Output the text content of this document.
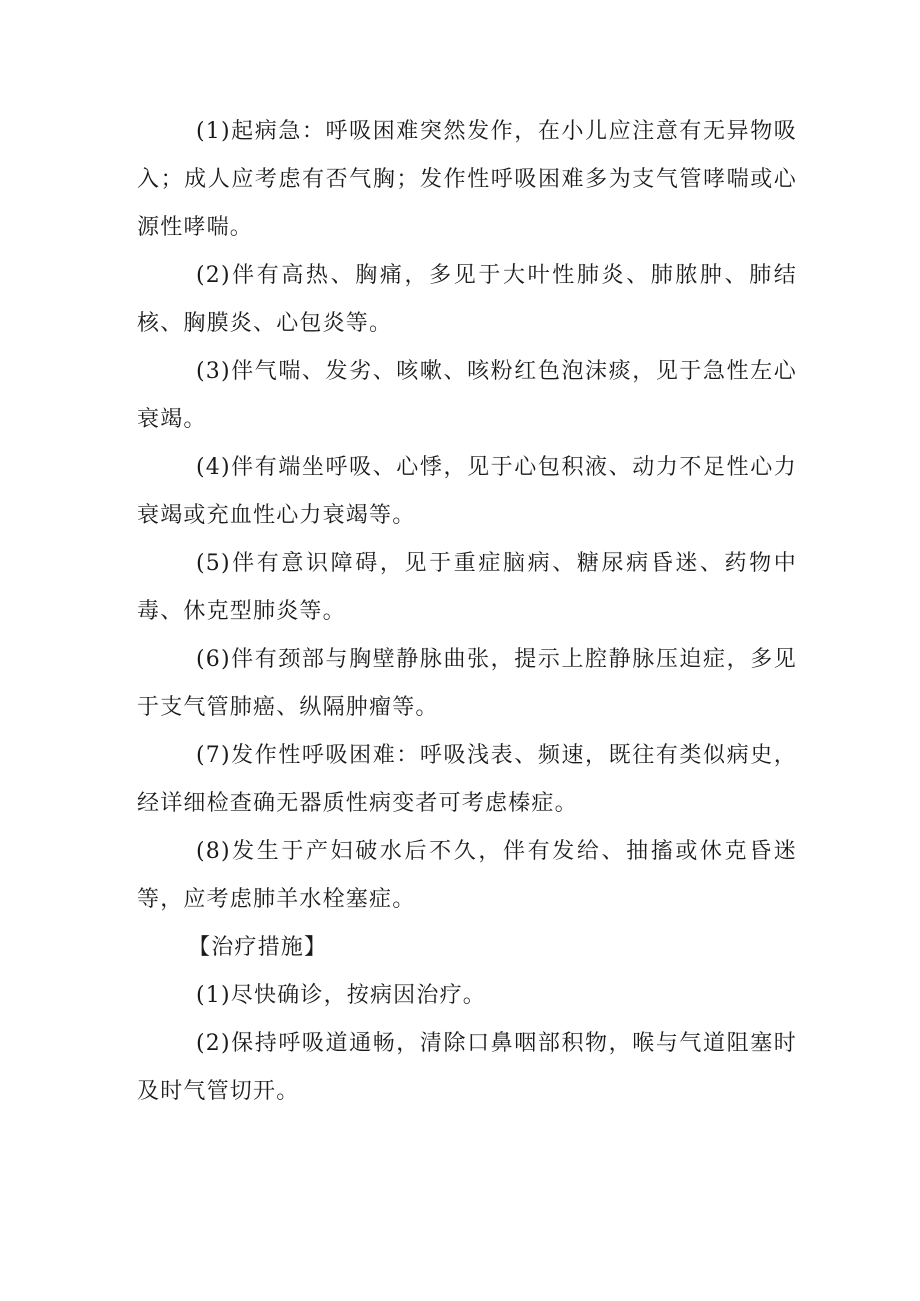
(1)起病急：呼吸困难突然发作，在小儿应注意有无异物吸入；成人应考虑有否气胸；发作性呼吸困难多为支气管哮喘或心源性哮喘。

(2)伴有高热、胸痛，多见于大叶性肺炎、肺脓肿、肺结核、胸膜炎、心包炎等。

(3)伴气喘、发劣、咳嗽、咳粉红色泡沫痰，见于急性左心衰竭。

(4)伴有端坐呼吸、心悸，见于心包积液、动力不足性心力衰竭或充血性心力衰竭等。

(5)伴有意识障碍，见于重症脑病、糖尿病昏迷、药物中毒、休克型肺炎等。

(6)伴有颈部与胸壁静脉曲张，提示上腔静脉压迫症，多见于支气管肺癌、纵隔肿瘤等。

(7)发作性呼吸困难：呼吸浅表、频速，既往有类似病史，经详细检查确无器质性病变者可考虑榛症。

(8)发生于产妇破水后不久，伴有发给、抽搐或休克昏迷等，应考虑肺羊水栓塞症。

【治疗措施】

(1)尽快确诊，按病因治疗。

(2)保持呼吸道通畅，清除口鼻咽部积物，喉与气道阻塞时及时气管切开。
